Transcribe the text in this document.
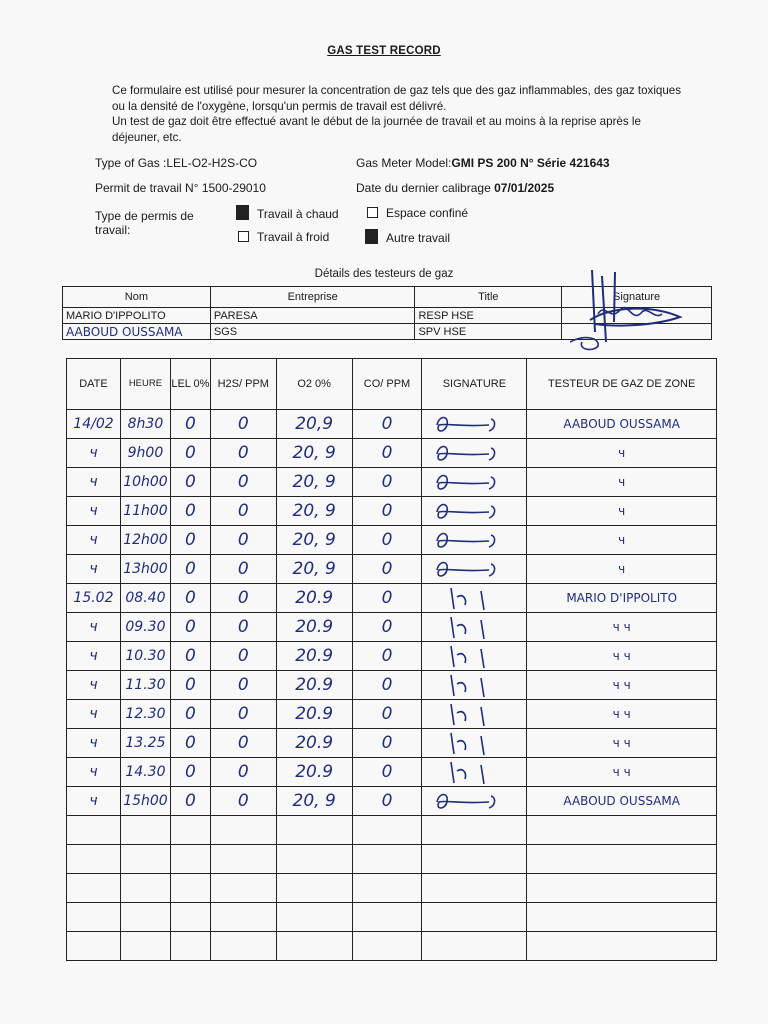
GAS TEST RECORD

Ce formulaire est utilisé pour mesurer la concentration de gaz tels que des gaz inflammables, des gaz toxiques ou la densité de l'oxygène, lorsqu'un permis de travail est délivré.

Un test de gaz doit être effectué avant le début de la journée de travail et au moins à la reprise après le déjeuner, etc.

Type of Gas :LEL-O2-H2S-CO	Gas Meter Model:GMI PS 200 N° Série 421643
Permit de travail N° 1500-29010	Date du dernier calibrage 07/01/2025
Type de permis de travail:
Travail à chaud	Espace confiné
Travail à froid	Autre travail
Détails des testeurs de gaz
Nom	Entreprise	Title	Signature
MARIO D'IPPOLITO	PARESA	RESP HSE	
AABOUD OUSSAMA	SGS	SPV HSE	
DATE	HEURE	LEL 0%	H2S/ PPM	O2 0%	CO/ PPM	SIGNATURE	TESTEUR DE GAZ DE ZONE
14/02	8h30	0	0	20,9	0		AABOUD OUSSAMA
ч	9h00	0	0	20, 9	0		ч
ч	10h00	0	0	20, 9	0		ч
ч	11h00	0	0	20, 9	0		ч
ч	12h00	0	0	20, 9	0		ч
ч	13h00	0	0	20, 9	0		ч
15.02	08.40	0	0	20.9	0		MARIO D'IPPOLITO
ч	09.30	0	0	20.9	0		ч ч
ч	10.30	0	0	20.9	0		ч ч
ч	11.30	0	0	20.9	0		ч ч
ч	12.30	0	0	20.9	0		ч ч
ч	13.25	0	0	20.9	0		ч ч
ч	14.30	0	0	20.9	0		ч ч
ч	15h00	0	0	20, 9	0		AABOUD OUSSAMA
